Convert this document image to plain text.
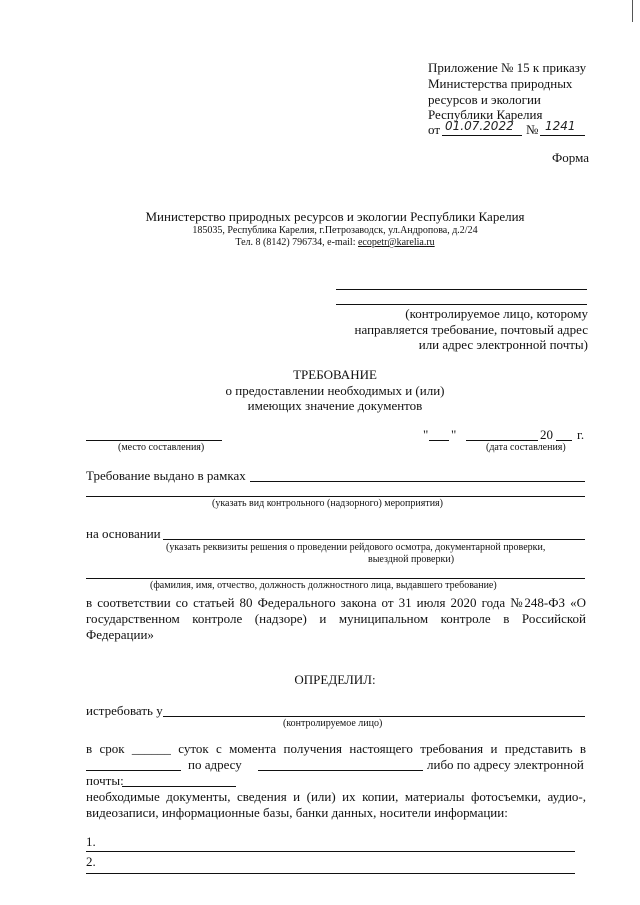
Приложение № 15 к приказу
Министерства природных
ресурсов и экологии
Республики Карелия
от 01.07.2022 № 1241
Форма
Министерство природных ресурсов и экологии Республики Карелия
185035, Республика Карелия, г.Петрозаводск, ул.Андропова, д.2/24
Тел. 8 (8142) 796734, e-mail: ecopetr@karelia.ru
(контролируемое лицо, которому
направляется требование, почтовый адрес
или адрес электронной почты)
ТРЕБОВАНИЕ
о предоставлении необходимых и (или)
имеющих значение документов
(место составления)
" "	20 г.
(дата составления)
Требование выдано в рамках
(указать вид контрольного (надзорного) мероприятия)
на основании
(указать реквизиты решения о проведении рейдового осмотра, документарной проверки,
выездной проверки)
(фамилия, имя, отчество, должность должностного лица, выдавшего требование)
в соответствии со статьей 80 Федерального закона от 31 июля 2020 года №248-ФЗ «О
государственном контроле (надзоре) и муниципальном контроле в Российской
Федерации»
ОПРЕДЕЛИЛ:
истребовать у
(контролируемое лицо)
в срок ______ суток с момента получения настоящего требования и представить в
по адресу	либо по адресу электронной
почты:
необходимые документы, сведения и (или) их копии, материалы фотосъемки, аудио-,
видеозаписи, информационные базы, банки данных, носители информации:
1.
2.
